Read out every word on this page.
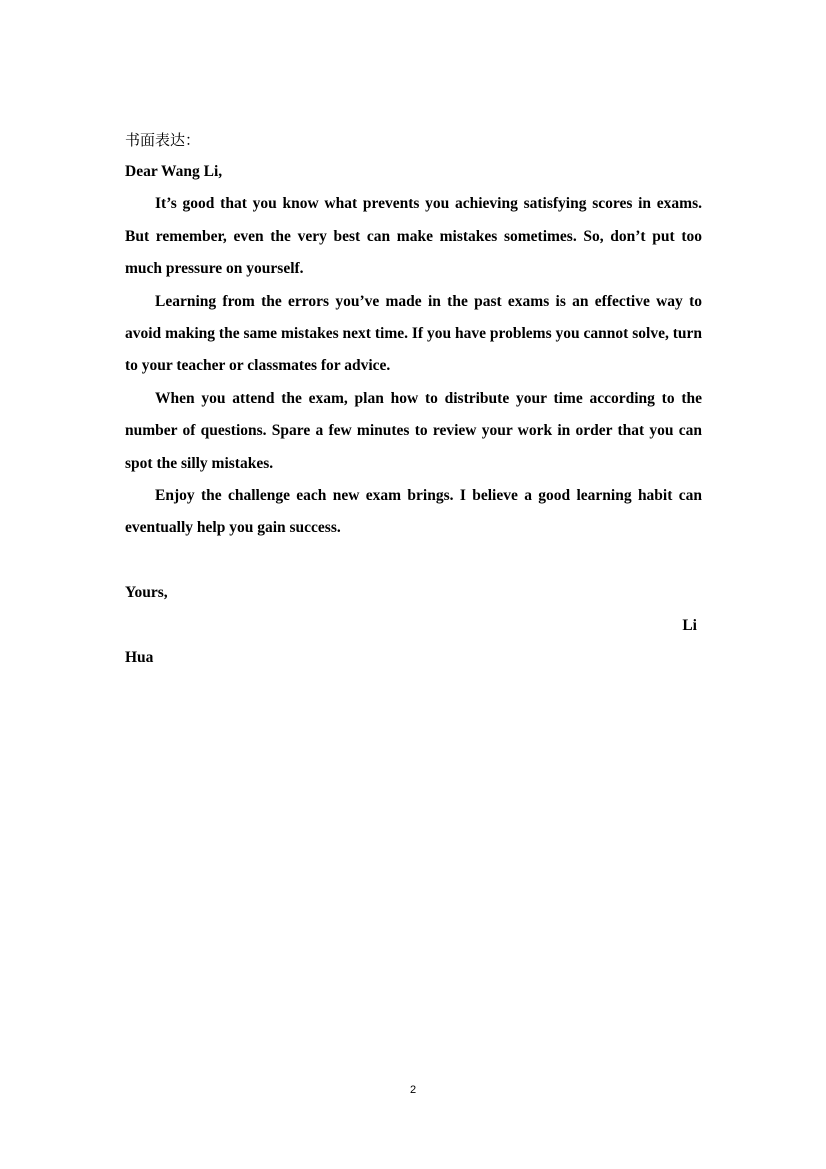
书面表达：

Dear Wang Li,

It’s good that you know what prevents you achieving satisfying scores in exams. But remember, even the very best can make mistakes sometimes. So, don’t put too much pressure on yourself.

Learning from the errors you’ve made in the past exams is an effective way to avoid making the same mistakes next time. If you have problems you cannot solve, turn to your teacher or classmates for advice.

When you attend the exam, plan how to distribute your time according to the number of questions. Spare a few minutes to review your work in order that you can spot the silly mistakes.

Enjoy the challenge each new exam brings. I believe a good learning habit can eventually help you gain success.

Yours,

Li

Hua

2
